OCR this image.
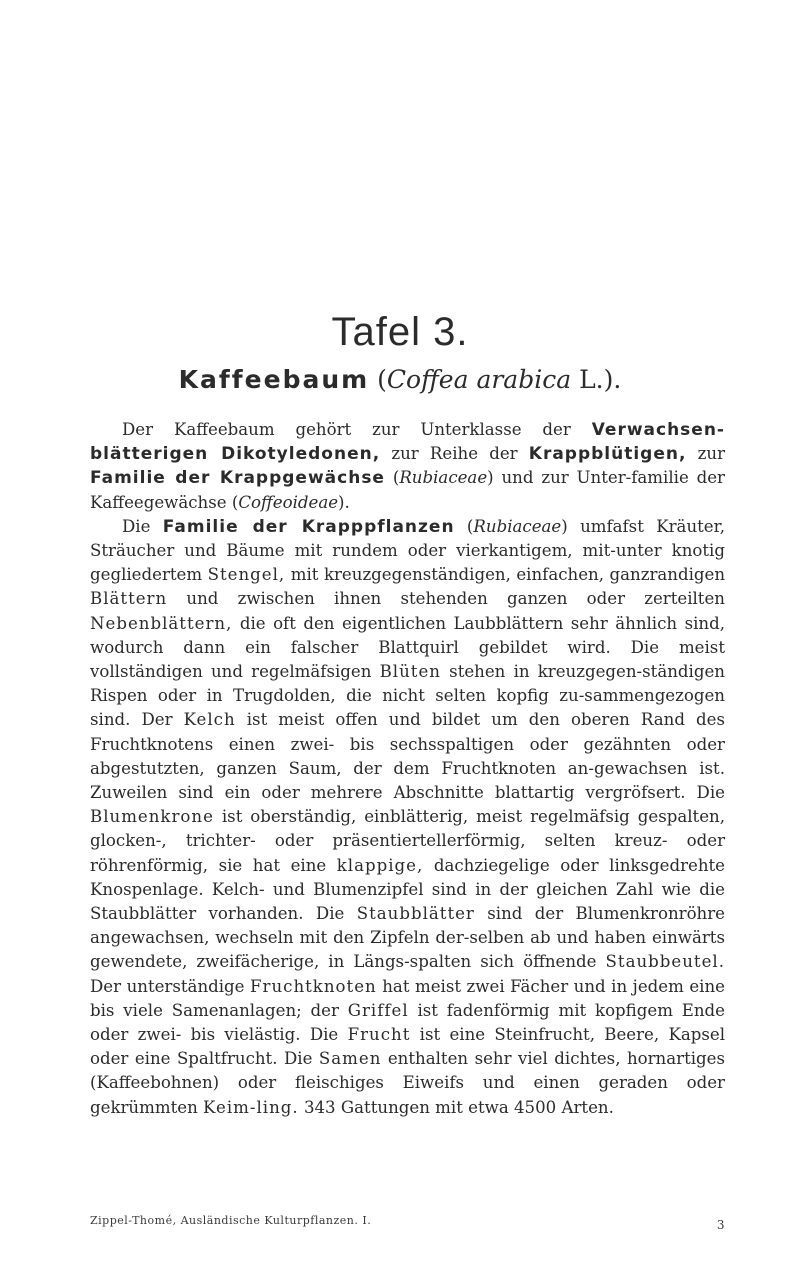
Tafel 3.
Kaffeebaum (Coffea arabica L.).

Der Kaffeebaum gehört zur Unterklasse der Verwachsen-blätterigen Dikotyledonen, zur Reihe der Krappblütigen, zur Familie der Krappgewächse (Rubiaceae) und zur Unter-familie der Kaffeegewächse (Coffeoideae).

Die Familie der Krapppflanzen (Rubiaceae) umfafst Kräuter, Sträucher und Bäume mit rundem oder vierkantigem, mit-unter knotig gegliedertem Stengel, mit kreuzgegenständigen, einfachen, ganzrandigen Blättern und zwischen ihnen stehenden ganzen oder zerteilten Nebenblättern, die oft den eigentlichen Laubblättern sehr ähnlich sind, wodurch dann ein falscher Blattquirl gebildet wird. Die meist vollständigen und regelmäfsigen Blüten stehen in kreuzgegen-ständigen Rispen oder in Trugdolden, die nicht selten kopfig zu-sammengezogen sind. Der Kelch ist meist offen und bildet um den oberen Rand des Fruchtknotens einen zwei- bis sechsspaltigen oder gezähnten oder abgestutzten, ganzen Saum, der dem Fruchtknoten an-gewachsen ist. Zuweilen sind ein oder mehrere Abschnitte blattartig vergröfsert. Die Blumenkrone ist oberständig, einblätterig, meist regelmäfsig gespalten, glocken-, trichter- oder präsentiertellerförmig, selten kreuz- oder röhrenförmig, sie hat eine klappige, dachziegelige oder linksgedrehte Knospenlage. Kelch- und Blumenzipfel sind in der gleichen Zahl wie die Staubblätter vorhanden. Die Staubblätter sind der Blumenkronröhre angewachsen, wechseln mit den Zipfeln der-selben ab und haben einwärts gewendete, zweifächerige, in Längs-spalten sich öffnende Staubbeutel. Der unterständige Fruchtknoten hat meist zwei Fächer und in jedem eine bis viele Samenanlagen; der Griffel ist fadenförmig mit kopfigem Ende oder zwei- bis vielästig. Die Frucht ist eine Steinfrucht, Beere, Kapsel oder eine Spaltfrucht. Die Samen enthalten sehr viel dichtes, hornartiges (Kaffeebohnen) oder fleischiges Eiweifs und einen geraden oder gekrümmten Keim-ling. 343 Gattungen mit etwa 4500 Arten.

Zippel-Thomé, Ausländische Kulturpflanzen. I.	3
